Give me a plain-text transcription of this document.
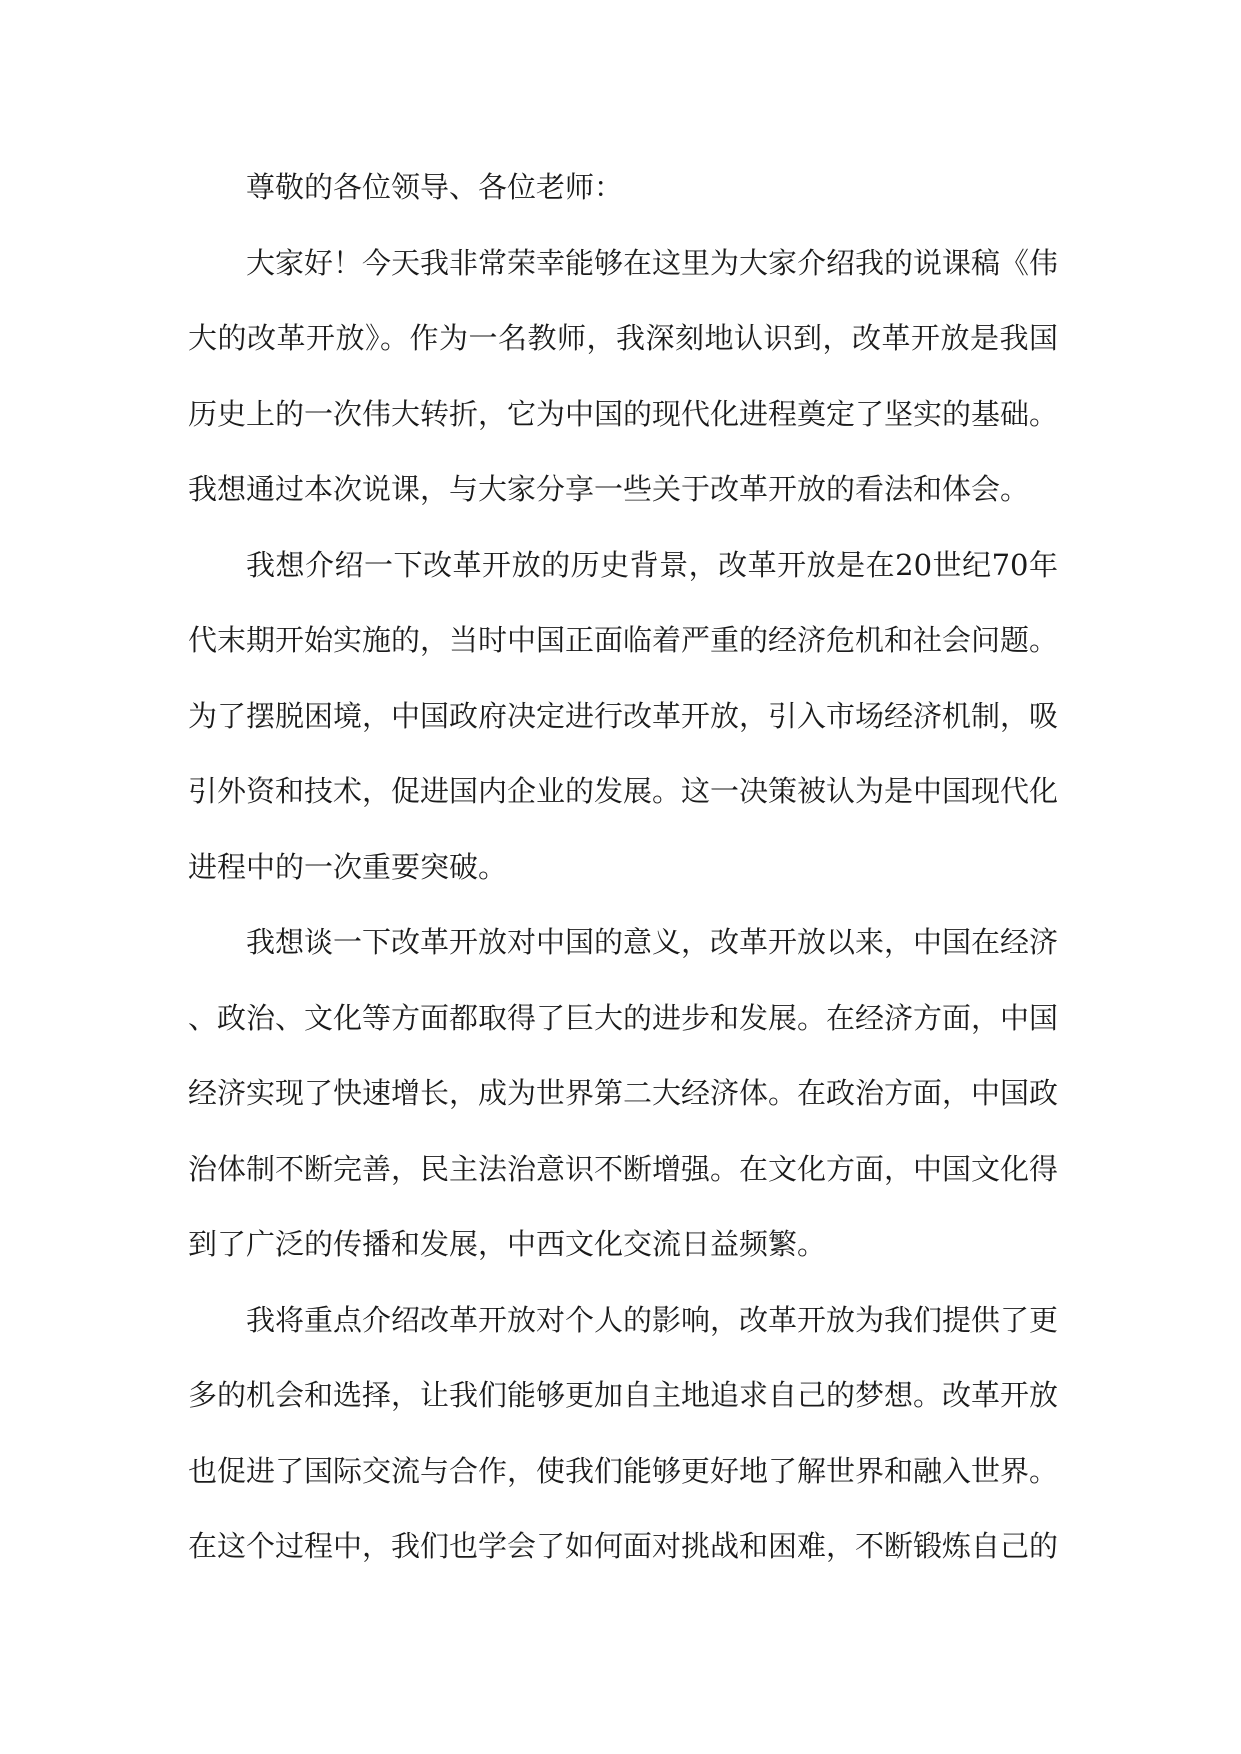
尊敬的各位领导、各位老师：

大家好！今天我非常荣幸能够在这里为大家介绍我的说课稿《伟大的改革开放》。作为一名教师，我深刻地认识到，改革开放是我国历史上的一次伟大转折，它为中国的现代化进程奠定了坚实的基础。我想通过本次说课，与大家分享一些关于改革开放的看法和体会。

我想介绍一下改革开放的历史背景，改革开放是在20世纪70年代末期开始实施的，当时中国正面临着严重的经济危机和社会问题。为了摆脱困境，中国政府决定进行改革开放，引入市场经济机制，吸引外资和技术，促进国内企业的发展。这一决策被认为是中国现代化进程中的一次重要突破。

我想谈一下改革开放对中国的意义，改革开放以来，中国在经济、政治、文化等方面都取得了巨大的进步和发展。在经济方面，中国经济实现了快速增长，成为世界第二大经济体。在政治方面，中国政治体制不断完善，民主法治意识不断增强。在文化方面，中国文化得到了广泛的传播和发展，中西文化交流日益频繁。

我将重点介绍改革开放对个人的影响，改革开放为我们提供了更多的机会和选择，让我们能够更加自主地追求自己的梦想。改革开放也促进了国际交流与合作，使我们能够更好地了解世界和融入世界。在这个过程中，我们也学会了如何面对挑战和困难，不断锻炼自己的
